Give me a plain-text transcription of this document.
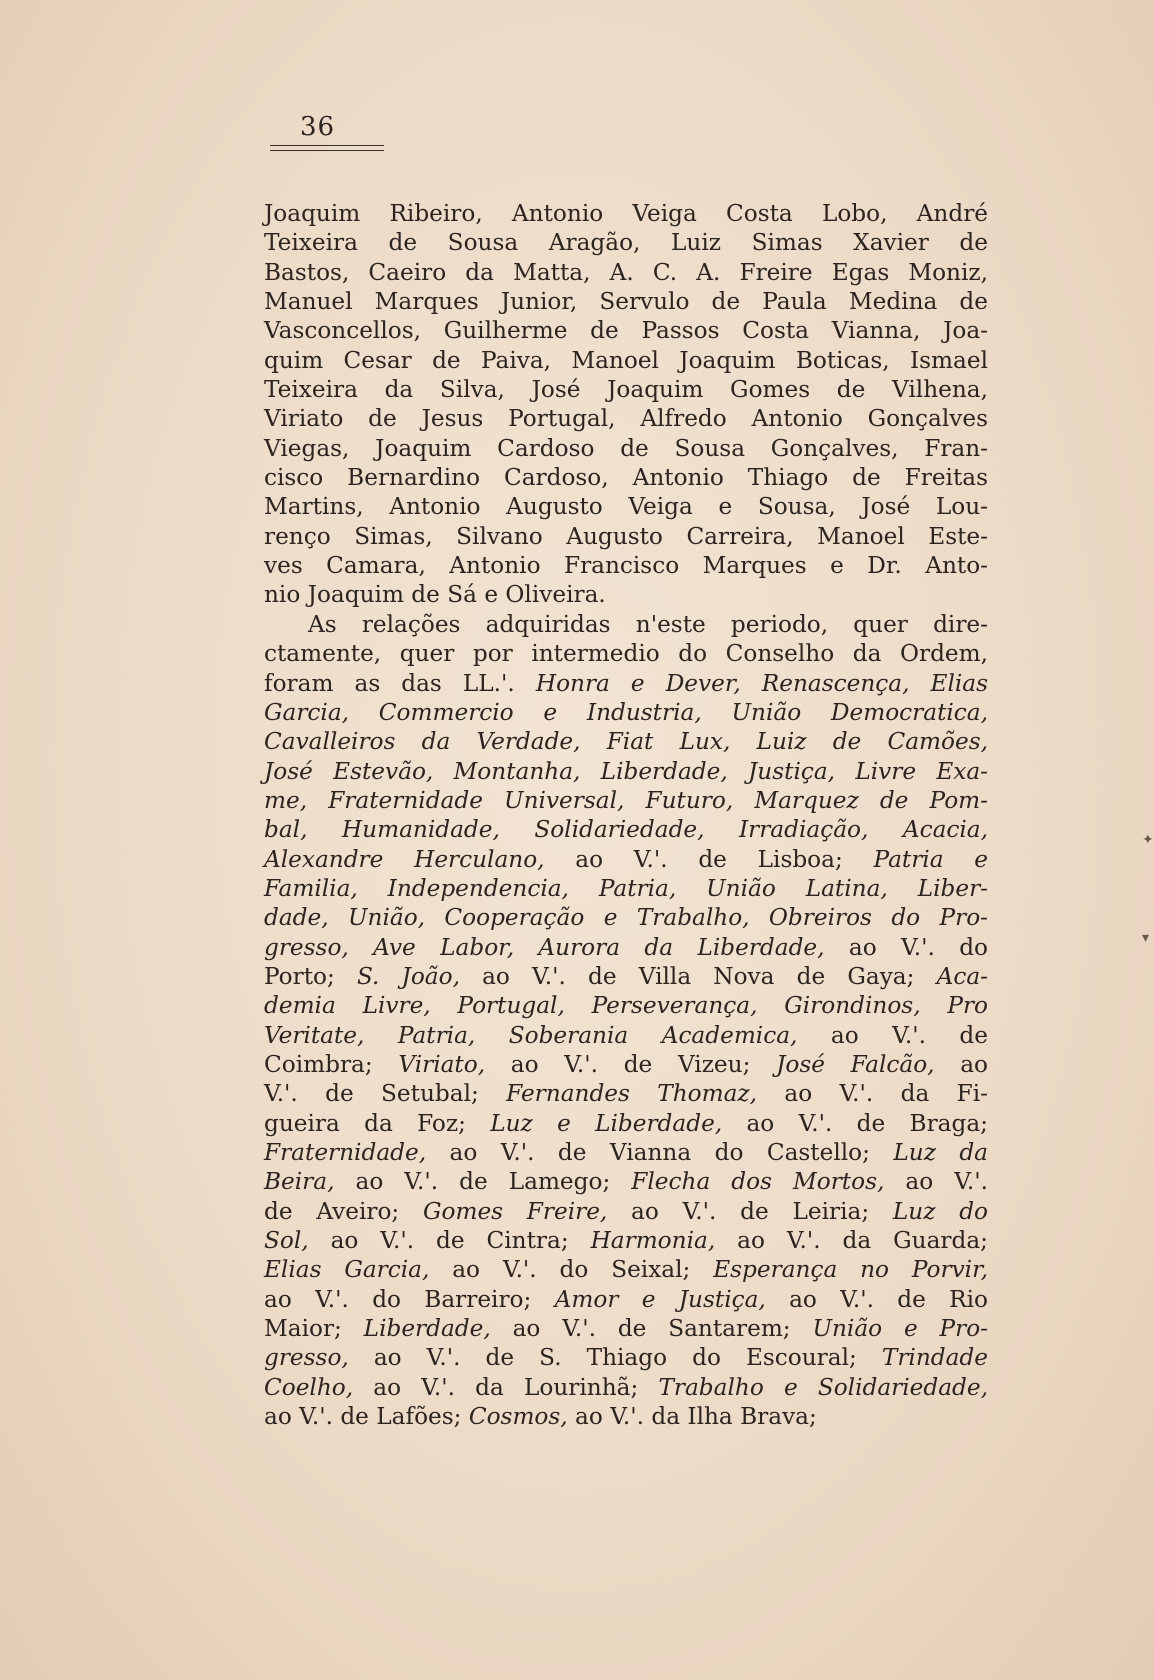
36
Joaquim Ribeiro, Antonio Veiga Costa Lobo, André
Teixeira de Sousa Aragão, Luiz Simas Xavier de
Bastos, Caeiro da Matta, A. C. A. Freire Egas Moniz,
Manuel Marques Junior, Servulo de Paula Medina de
Vasconcellos, Guilherme de Passos Costa Vianna, Joa-
quim Cesar de Paiva, Manoel Joaquim Boticas, Ismael
Teixeira da Silva, José Joaquim Gomes de Vilhena,
Viriato de Jesus Portugal, Alfredo Antonio Gonçalves
Viegas, Joaquim Cardoso de Sousa Gonçalves, Fran-
cisco Bernardino Cardoso, Antonio Thiago de Freitas
Martins, Antonio Augusto Veiga e Sousa, José Lou-
renço Simas, Silvano Augusto Carreira, Manoel Este-
ves Camara, Antonio Francisco Marques e Dr. Anto-
nio Joaquim de Sá e Oliveira.
As relações adquiridas n'este periodo, quer dire-
ctamente, quer por intermedio do Conselho da Ordem,
foram as das LL.'. Honra e Dever, Renascença, Elias
Garcia, Commercio e Industria, União Democratica,
Cavalleiros da Verdade, Fiat Lux, Luiz de Camões,
José Estevão, Montanha, Liberdade, Justiça, Livre Exa-
me, Fraternidade Universal, Futuro, Marquez de Pom-
bal, Humanidade, Solidariedade, Irradiação, Acacia,
Alexandre Herculano, ao V.'. de Lisboa; Patria e
Familia, Independencia, Patria, União Latina, Liber-
dade, União, Cooperação e Trabalho, Obreiros do Pro-
gresso, Ave Labor, Aurora da Liberdade, ao V.'. do
Porto; S. João, ao V.'. de Villa Nova de Gaya; Aca-
demia Livre, Portugal, Perseverança, Girondinos, Pro
Veritate, Patria, Soberania Academica, ao V.'. de
Coimbra; Viriato, ao V.'. de Vizeu; José Falcão, ao
V.'. de Setubal; Fernandes Thomaz, ao V.'. da Fi-
gueira da Foz; Luz e Liberdade, ao V.'. de Braga;
Fraternidade, ao V.'. de Vianna do Castello; Luz da
Beira, ao V.'. de Lamego; Flecha dos Mortos, ao V.'.
de Aveiro; Gomes Freire, ao V.'. de Leiria; Luz do
Sol, ao V.'. de Cintra; Harmonia, ao V.'. da Guarda;
Elias Garcia, ao V.'. do Seixal; Esperança no Porvir,
ao V.'. do Barreiro; Amor e Justiça, ao V.'. de Rio
Maior; Liberdade, ao V.'. de Santarem; União e Pro-
gresso, ao V.'. de S. Thiago do Escoural; Trindade
Coelho, ao V.'. da Lourinhã; Trabalho e Solidariedade,
ao V.'. de Lafões; Cosmos, ao V.'. da Ilha Brava;
✦
▾
